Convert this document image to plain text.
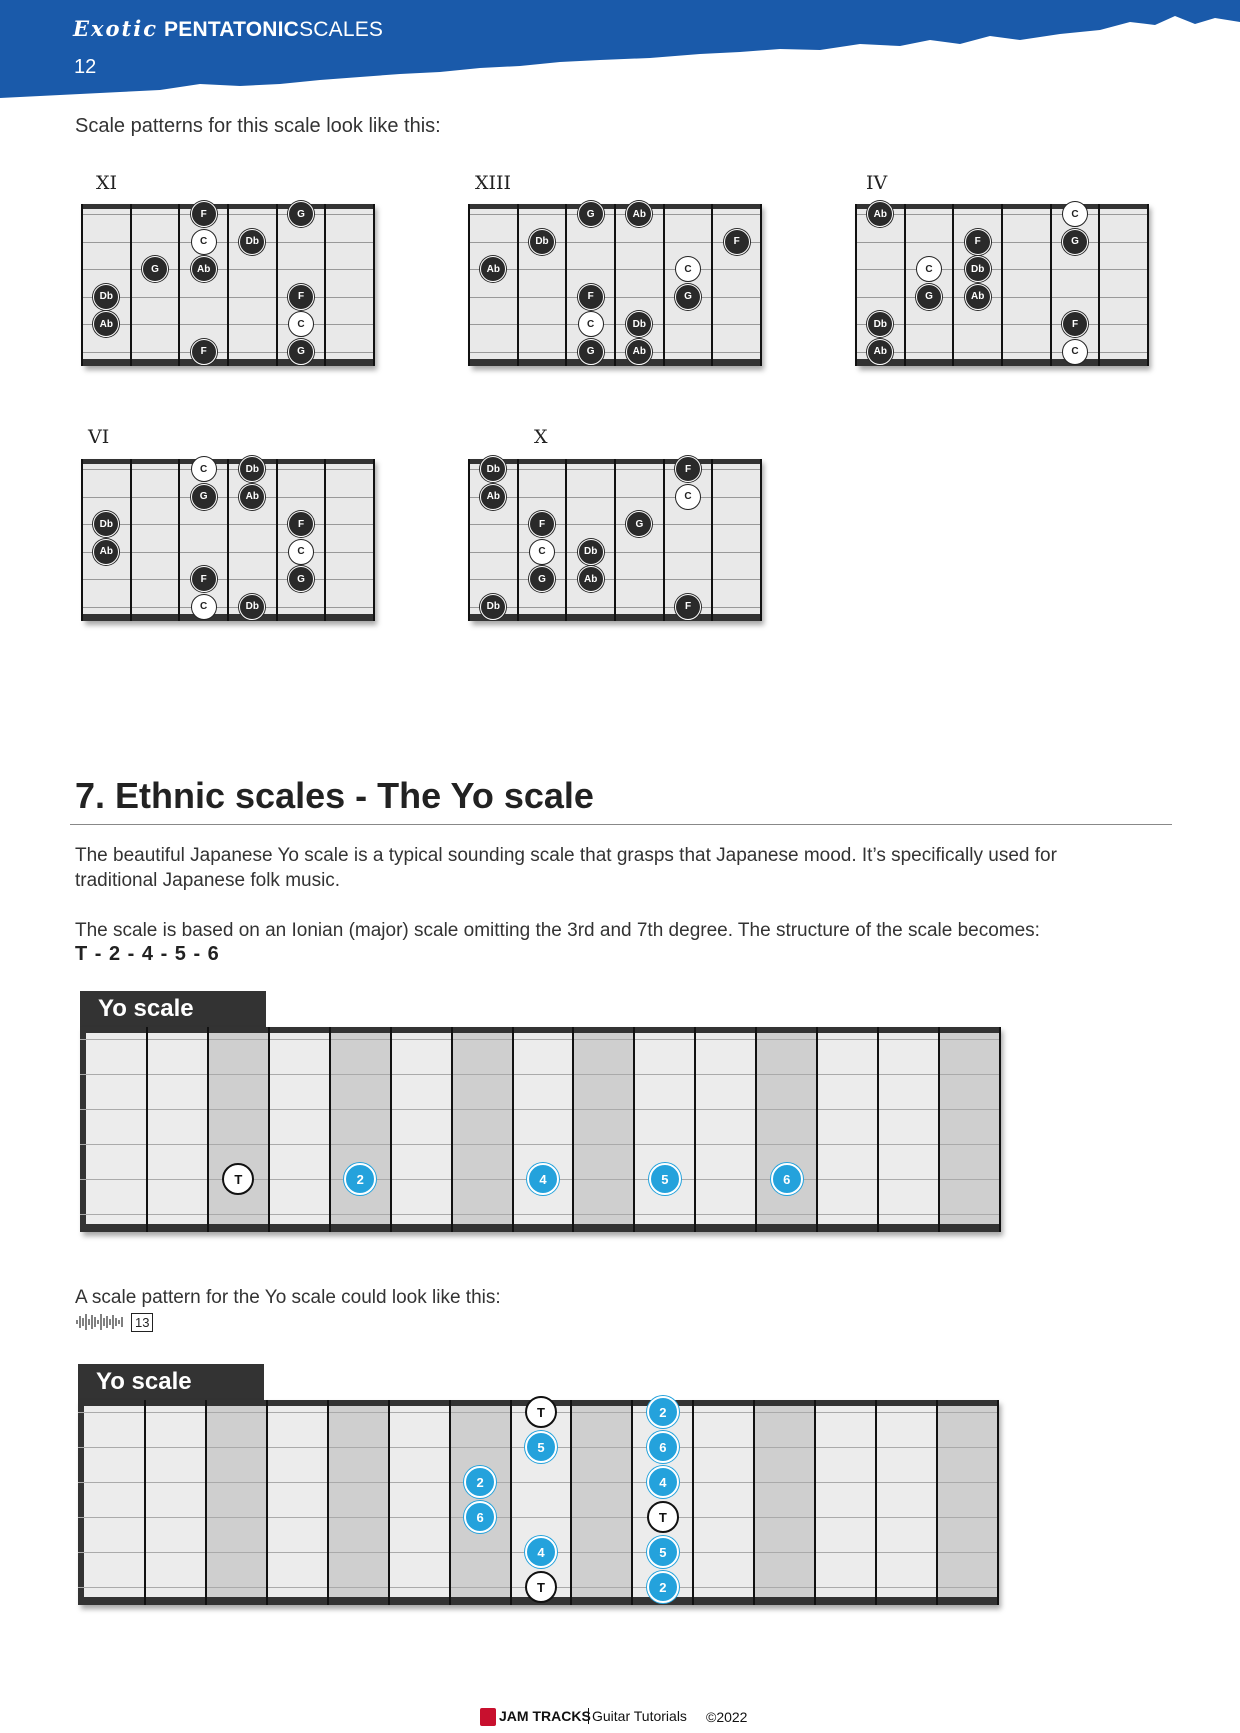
Exotic PENTATONICSCALES
12
Scale patterns for this scale look like this:
XI
F	G
C	Db
G	Ab
Db	F
Ab	C
F	G
XIII
G	Ab
Db	F
Ab	C
F	G
C	Db
G	Ab
IV
Ab	C
F	G
C	Db
G	Ab
Db	F
Ab	C
VI
C	Db
G	Ab
Db	F
Ab	C
F	G
C	Db
X
Db	F
Ab	C
F	G
C	Db
G	Ab
Db	F
7. Ethnic scales - The Yo scale
The beautiful Japanese Yo scale is a typical sounding scale that grasps that Japanese mood. It’s specifically used for traditional Japanese folk music.
The scale is based on an Ionian (major) scale omitting the 3rd and 7th degree. The structure of the scale becomes:
T - 2 - 4 - 5 - 6
Yo scale
T	2	4	5	6
A scale pattern for the Yo scale could look like this:
13
Yo scale
T	2
5	6
2	4
6	T
4	5
T	2
JAM TRACKS Guitar Tutorials ©2022
